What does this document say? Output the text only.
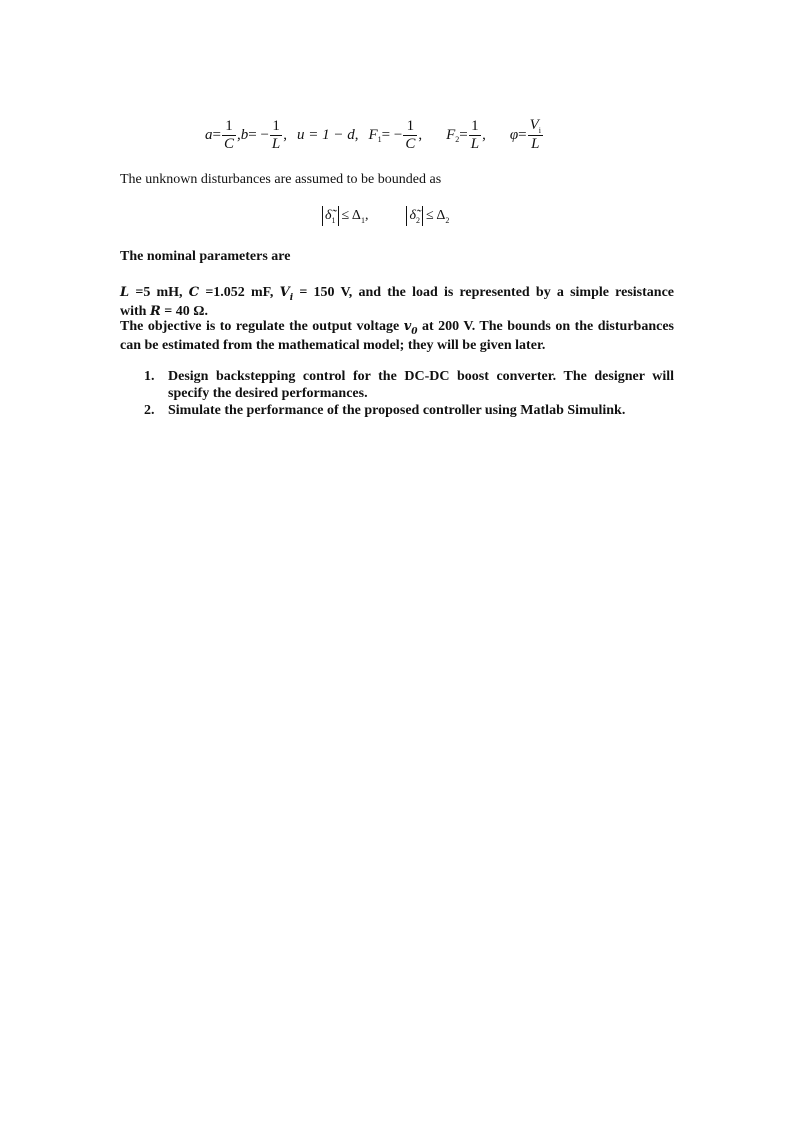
$a = \frac{1}{C}$ , b = − $\frac{1}{L}$ , u = 1 − d , F 1 = − $\frac{1}{C}$ , F $2 = \frac{1}{L}$ , $\varphi = \frac{V_i}{L}$
The unknown disturbances are assumed to be bounded as
$\deltã_1 \le \Delta$ 1 ,	$\deltã_2 \le \Delta$ 2
The nominal parameters are
L =5 mH, C =1.052 mF, $V_i = 150$ V, and the load is represented by a simple resistance
with R = 40 Ω.
The objective is to regulate the output voltage $v_0$ at 200 V. The bounds on the disturbances
can be estimated from the mathematical model; they will be given later.
1. Design backstepping control for the DC-DC boost converter. The designer will specify the desired performances.
2. Simulate the performance of the proposed controller using Matlab Simulink.
